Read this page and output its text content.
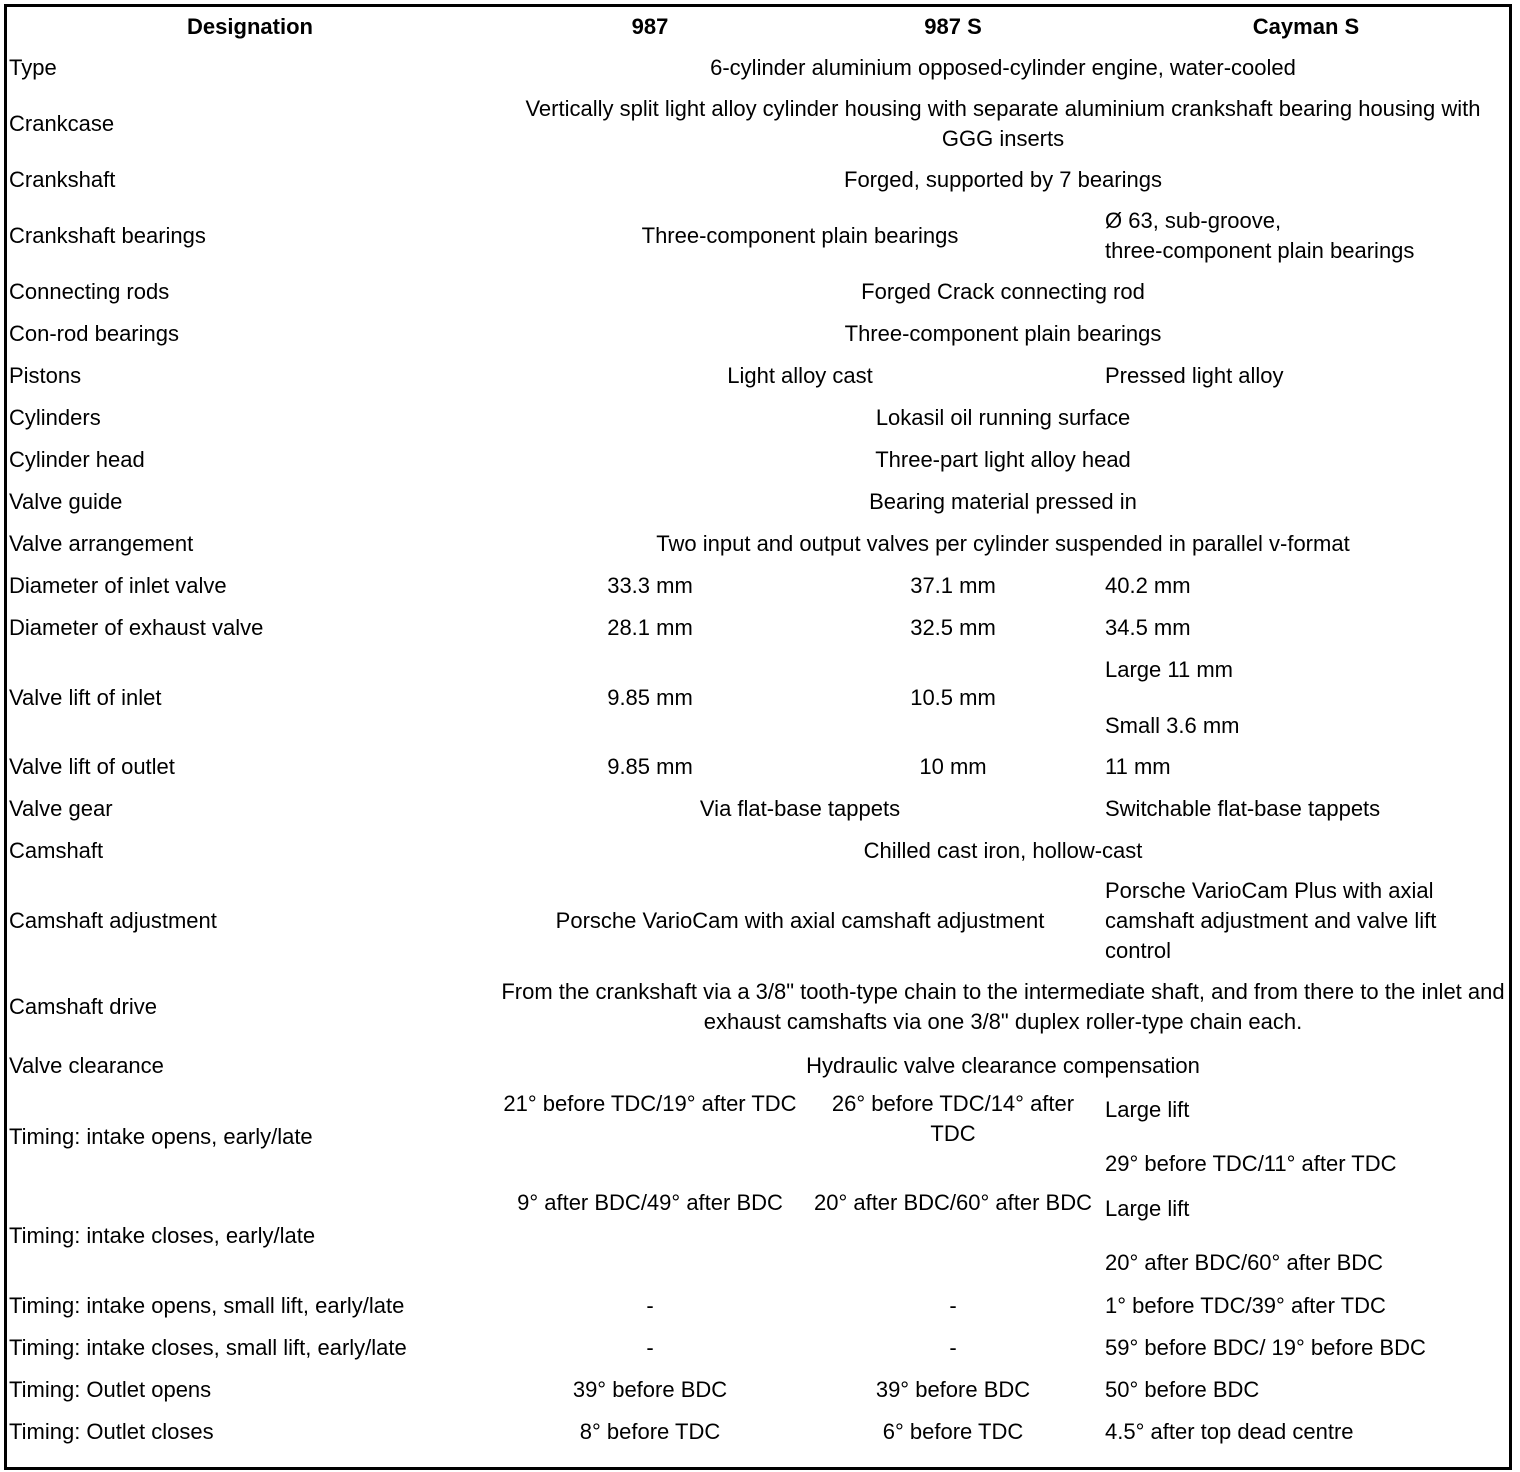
Designation	987	987 S	Cayman S
Type	6-cylinder aluminium opposed-cylinder engine, water-cooled		
Crankcase	Vertically split light alloy cylinder housing with separate aluminium crankshaft bearing housing with GGG inserts		
Crankshaft	Forged, supported by 7 bearings		
Crankshaft bearings	Three-component plain bearings		Ø 63, sub-groove,
three-component plain bearings
Connecting rods	Forged Crack connecting rod		
Con-rod bearings	Three-component plain bearings		
Pistons	Light alloy cast		Pressed light alloy
Cylinders	Lokasil oil running surface		
Cylinder head	Three-part light alloy head		
Valve guide	Bearing material pressed in		
Valve arrangement	Two input and output valves per cylinder suspended in parallel v-format		
Diameter of inlet valve	33.3 mm	37.1 mm	40.2 mm
Diameter of exhaust valve	28.1 mm	32.5 mm	34.5 mm
Valve lift of inlet	9.85 mm	10.5 mm	Large 11 mm
Small 3.6 mm
Valve lift of outlet	9.85 mm	10 mm	11 mm
Valve gear	Via flat-base tappets		Switchable flat-base tappets
Camshaft	Chilled cast iron, hollow-cast		
Camshaft adjustment	Porsche VarioCam with axial camshaft adjustment		Porsche VarioCam Plus with axial camshaft adjustment and valve lift control
Camshaft drive	From the crankshaft via a 3/8" tooth-type chain to the intermediate shaft, and from there to the inlet and exhaust camshafts via one 3/8" duplex roller-type chain each.		
Valve clearance	Hydraulic valve clearance compensation		
Timing: intake opens, early/late	21° before TDC/19° after TDC	26° before TDC/14° after TDC	Large lift
29° before TDC/11° after TDC
Timing: intake closes, early/late	9° after BDC/49° after BDC	20° after BDC/60° after BDC	Large lift
20° after BDC/60° after BDC
Timing: intake opens, small lift, early/late	-	-	1° before TDC/39° after TDC
Timing: intake closes, small lift, early/late	-	-	59° before BDC/ 19° before BDC
Timing: Outlet opens	39° before BDC	39° before BDC	50° before BDC
Timing: Outlet closes	8° before TDC	6° before TDC	4.5° after top dead centre
